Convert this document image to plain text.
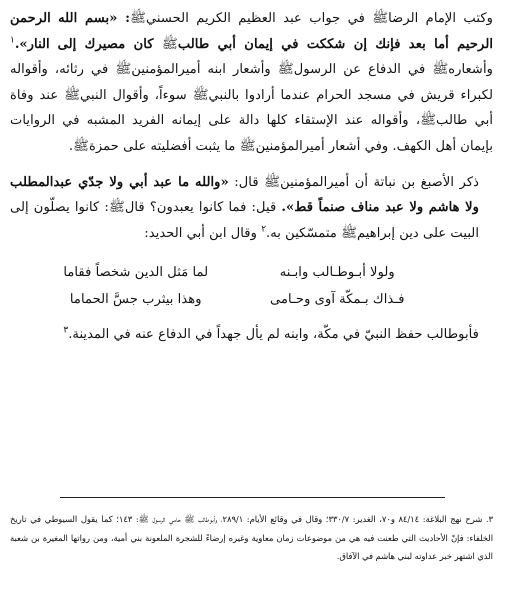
وكتب الإمام الرضاﷺ في جواب عبد العظيم الكريم الحسنيﷺ: «بسم الله الرحمن الرحيم أما بعد فإنك إن شككت في إيمان أبي طالبﷺ كان مصيرك إلى النار».$^١$ وأشعارهﷺ في الدفاع عن الرسولﷺ وأشعار ابنه أميرالمؤمنينﷺ في رثائه، وأقواله لكبراء قريش في مسجد الحرام عندما أرادوا بالنبيﷺ سوءاً، وأقوال النبيﷺ عند وفاة أبي طالبﷺ، وأقواله عند الإستقاء كلها دالة على إيمانه الفريد المشبه في الروايات بإيمان أهل الكهف. وفي أشعار أميرالمؤمنينﷺ ما يثبت أفضليته على حمزةﷺ.

ذكر الأصبغ بن نباتة أن أميرالمؤمنينﷺ قال: «والله ما عبد أبي ولا جدّي عبدالمطلب ولا هاشم ولا عبد مناف صنماً قط». قيل: فما كانوا يعبدون؟ قالﷺ: كانوا يصلّون إلى البيت على دين إبراهيمﷺ متمسّكين به.$^٢$ وقال ابن أبي الحديد:

ولولا أبـوطـالب وابـنه
لما مَثل الدين شخصاً فقاما
فـذاك بـمكّة آوى وحـامى
وهذا بيثرب جسَّ الحماما

فأبوطالب حفظ النبيّ في مكّة، وابنه لم يأل جهداً في الدفاع عنه في المدينة.$^٣$

٣. شرح نهج البلاغة: ٨٤/١٤ و٧٠، الغدير: ٣٣٠/٧؛ وقال في وقائع الأيام: ٢٨٩/١، وأبوطالب ﷺ حامي الرسول ﷺ: ١٤٣؛ كما يقول السيوطي في تاريخ الخلفاء: فإنّ الأحاديث التي طعنت فيه هي من موضوعات زمان معاوية وغيره إرضاءً للشجرة الملعونة بني أمية، ومن رواتها المغيرة بن شعبة الذي اشتهر خبر عداوته لبني هاشم في الآفاق.
